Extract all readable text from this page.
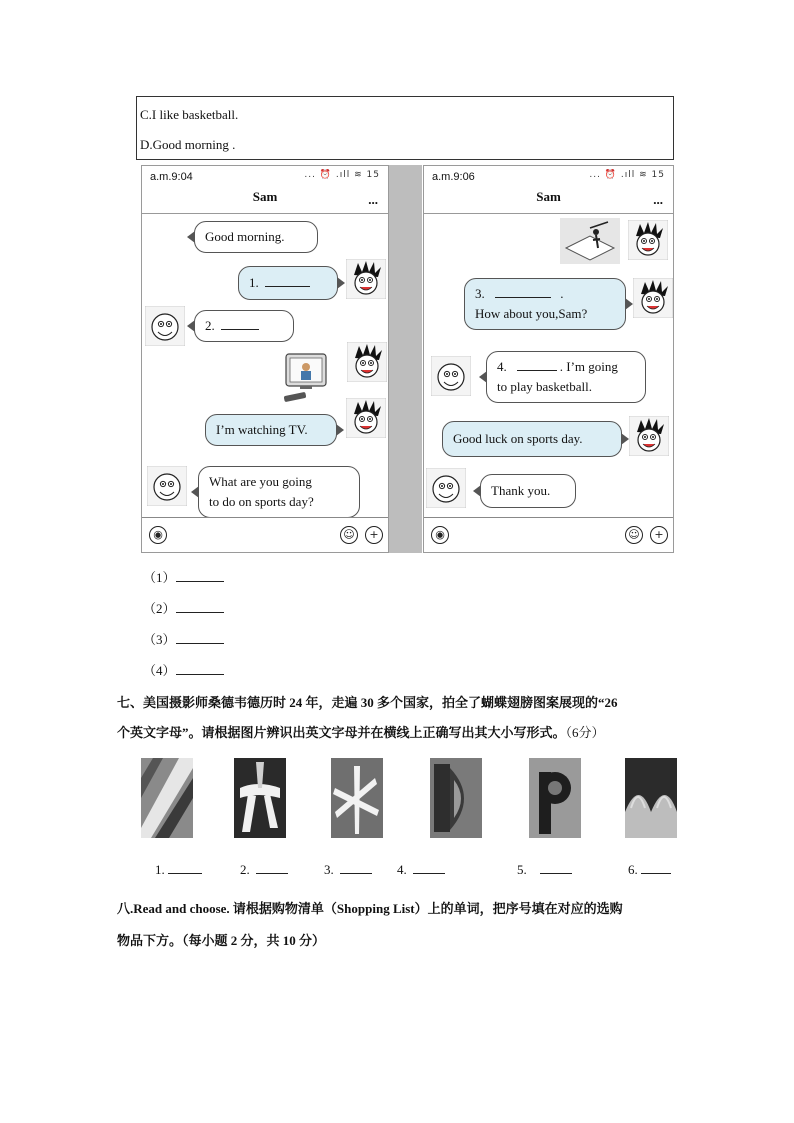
C.I like basketball.
D.Good morning .
a.m.9:04	... ⏰ .ıll ≋ 15
Sam	...
Good morning.
1.
2.
I’m watching TV.
What are you going
to do on sports day?
◉	☺	+
a.m.9:06	... ⏰ .ıll ≋ 15
Sam	...
3.	.
How about you,Sam?
4.	. I’m going
to play basketball.
Good luck on sports day.
Thank you.
◉	☺	+
（1）
（2）
（3）
（4）
七、美国摄影师桑德韦德历时 24 年，走遍 30 多个国家，拍全了蝴蝶翅膀图案展现的“26
个英文字母”。请根据图片辨识出英文字母并在横线上正确写出其大小写形式。（6分）
1.	2.	3.	4.	5.	6.
八.Read and choose. 请根据购物清单（Shopping List）上的单词，把序号填在对应的选购
物品下方。（每小题 2 分，共 10 分）
